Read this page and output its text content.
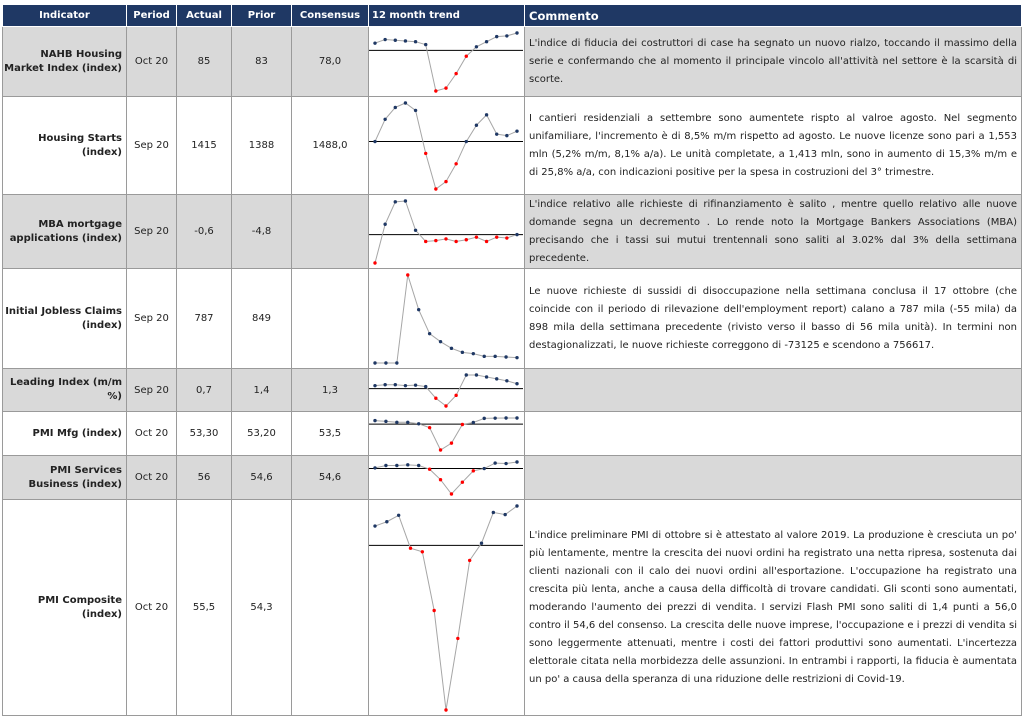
Indicator	Period	Actual	Prior	Consensus	12 month trend	Commento
NAHB Housing Market Index (index)	Oct 20	85	83	78,0		L'indice di fiducia dei costruttori di case ha segnato un nuovo rialzo, toccando il massimo della serie e confermando che al momento il principale vincolo all'attività nel settore è la scarsità di scorte.
Housing Starts (index)	Sep 20	1415	1388	1488,0		I cantieri residenziali a settembre sono aumentete rispto al valroe agosto. Nel segmento unifamiliare, l'incremento è di 8,5% m/m rispetto ad agosto. Le nuove licenze sono pari a 1,553 mln (5,2% m/m, 8,1% a/a). Le unità completate, a 1,413 mln, sono in aumento di 15,3% m/m e di 25,8% a/a, con indicazioni positive per la spesa in costruzioni del 3° trimestre.
MBA mortgage applications (index)	Sep 20	-0,6	-4,8			L'indice relativo alle richieste di rifinanziamento è salito , mentre quello relativo alle nuove domande segna un decremento . Lo rende noto la Mortgage Bankers Associations (MBA) precisando che i tassi sui mutui trentennali sono saliti al 3.02% dal 3% della settimana precedente.
Initial Jobless Claims (index)	Sep 20	787	849			Le nuove richieste di sussidi di disoccupazione nella settimana conclusa il 17 ottobre (che coincide con il periodo di rilevazione dell'employment report) calano a 787 mila (-55 mila) da 898 mila della settimana precedente (rivisto verso il basso di 56 mila unità). In termini non destagionalizzati, le nuove richieste correggono di -73125 e scendono a 756617.
Leading Index (m/m %)	Sep 20	0,7	1,4	1,3	

PMI Mfg (index)	Oct 20	53,30	53,20	53,5	

PMI Services Business (index)	Oct 20	56	54,6	54,6	

PMI Composite (index)	Oct 20	55,5	54,3			L'indice preliminare PMI di ottobre si è attestato al valore 2019. La produzione è cresciuta un po' più lentamente, mentre la crescita dei nuovi ordini ha registrato una netta ripresa, sostenuta dai clienti nazionali con il calo dei nuovi ordini all'esportazione. L'occupazione ha registrato una crescita più lenta, anche a causa della difficoltà di trovare candidati. Gli sconti sono aumentati, moderando l'aumento dei prezzi di vendita. I servizi Flash PMI sono saliti di 1,4 punti a 56,0 contro il 54,6 del consenso. La crescita delle nuove imprese, l'occupazione e i prezzi di vendita si sono leggermente attenuati, mentre i costi dei fattori produttivi sono aumentati. L'incertezza elettorale citata nella morbidezza delle assunzioni. In entrambi i rapporti, la fiducia è aumentata un po' a causa della speranza di una riduzione delle restrizioni di Covid-19.
